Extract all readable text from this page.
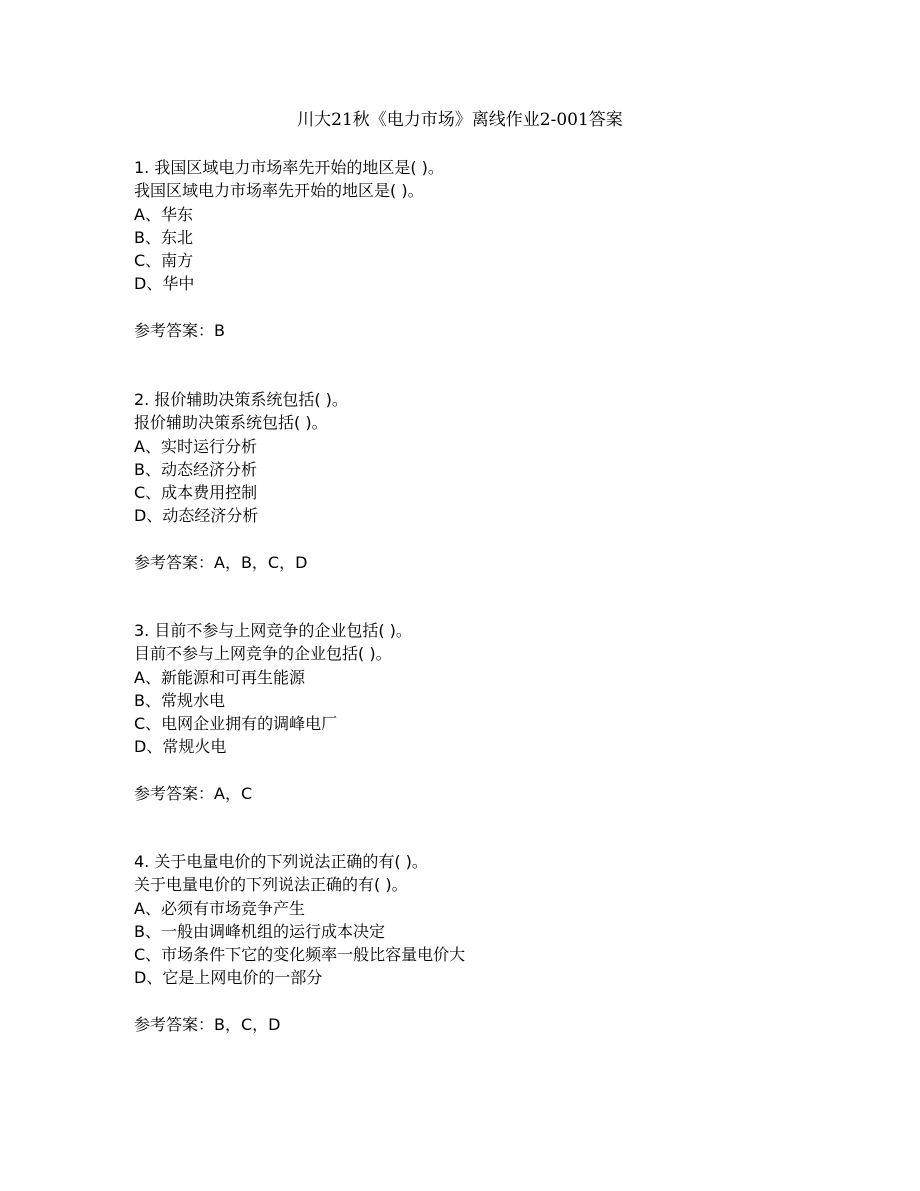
川大21秋《电力市场》离线作业2-001答案
1. 我国区域电力市场率先开始的地区是( )。
我国区域电力市场率先开始的地区是( )。
A、华东
B、东北
C、南方
D、华中
参考答案：B
2. 报价辅助决策系统包括( )。
报价辅助决策系统包括( )。
A、实时运行分析
B、动态经济分析
C、成本费用控制
D、动态经济分析
参考答案：A，B，C，D
3. 目前不参与上网竞争的企业包括( )。
目前不参与上网竞争的企业包括( )。
A、新能源和可再生能源
B、常规水电
C、电网企业拥有的调峰电厂
D、常规火电
参考答案：A，C
4. 关于电量电价的下列说法正确的有( )。
关于电量电价的下列说法正确的有( )。
A、必须有市场竞争产生
B、一般由调峰机组的运行成本决定
C、市场条件下它的变化频率一般比容量电价大
D、它是上网电价的一部分
参考答案：B，C，D
